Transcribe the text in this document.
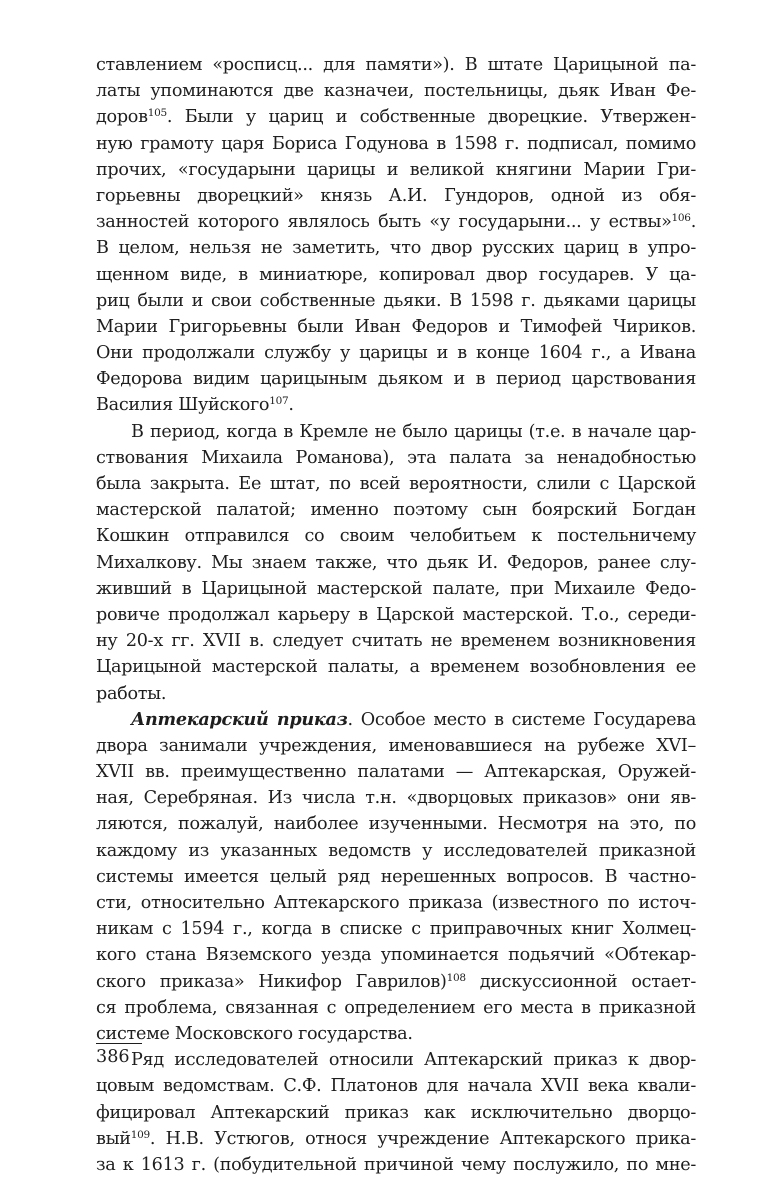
ставлением «росписц... для памяти»). В штате Царицыной па-
латы упоминаются две казначеи, постельницы, дьяк Иван Фе-
доров$^{105}$. Были у цариц и собственные дворецкие. Утвержен-
ную грамоту царя Бориса Годунова в 1598 г. подписал, помимо
прочих, «государыни царицы и великой княгини Марии Гри-
горьевны дворецкий» князь А.И. Гундоров, одной из обя-
занностей которого являлось быть «у государыни... у ествы»$^{106}$.
В целом, нельзя не заметить, что двор русских цариц в упро-
щенном виде, в миниатюре, копировал двор государев. У ца-
риц были и свои собственные дьяки. В 1598 г. дьяками царицы
Марии Григорьевны были Иван Федоров и Тимофей Чириков.
Они продолжали службу у царицы и в конце 1604 г., а Ивана
Федорова видим царицыным дьяком и в период царствования
Василия Шуйского$^{107}$.
В период, когда в Кремле не было царицы (т.е. в начале цар-
ствования Михаила Романова), эта палата за ненадобностью
была закрыта. Ее штат, по всей вероятности, слили с Царской
мастерской палатой; именно поэтому сын боярский Богдан
Кошкин отправился со своим челобитьем к постельничему
Михалкову. Мы знаем также, что дьяк И. Федоров, ранее слу-
живший в Царицыной мастерской палате, при Михаиле Федо-
ровиче продолжал карьеру в Царской мастерской. Т.о., середи-
ну 20-х гг. XVII в. следует считать не временем возникновения
Царицыной мастерской палаты, а временем возобновления ее
работы.
Аптекарский приказ. Особое место в системе Государева
двора занимали учреждения, именовавшиеся на рубеже XVI–
XVII вв. преимущественно палатами — Аптекарская, Оружей-
ная, Серебряная. Из числа т.н. «дворцовых приказов» они яв-
ляются, пожалуй, наиболее изученными. Несмотря на это, по
каждому из указанных ведомств у исследователей приказной
системы имеется целый ряд нерешенных вопросов. В частно-
сти, относительно Аптекарского приказа (известного по источ-
никам с 1594 г., когда в списке с приправочных книг Холмец-
кого стана Вяземского уезда упоминается подьячий «Обтекар-
ского приказа» Никифор Гаврилов)$^{108}$ дискуссионной остает-
ся проблема, связанная с определением его места в приказной
системе Московского государства.
Ряд исследователей относили Аптекарский приказ к двор-
цовым ведомствам. С.Ф. Платонов для начала XVII века квали-
фицировал Аптекарский приказ как исключительно дворцо-
вый$^{109}$. Н.В. Устюгов, относя учреждение Аптекарского прика-
за к 1613 г. (побудительной причиной чему послужило, по мне-
386
